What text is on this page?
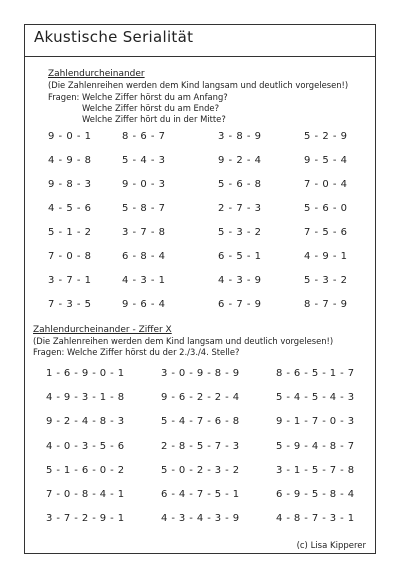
Akustische Serialität
Zahlendurcheinander
(Die Zahlenreihen werden dem Kind langsam und deutlich vorgelesen!)
Fragen: Welche Ziffer hörst du am Anfang?
Welche Ziffer hörst du am Ende?
Welche Ziffer hört du in der Mitte?
9 - 0 - 1	8 - 6 - 7	3 - 8 - 9	5 - 2 - 9
4 - 9 - 8	5 - 4 - 3	9 - 2 - 4	9 - 5 - 4
9 - 8 - 3	9 - 0 - 3	5 - 6 - 8	7 - 0 - 4
4 - 5 - 6	5 - 8 - 7	2 - 7 - 3	5 - 6 - 0
5 - 1 - 2	3 - 7 - 8	5 - 3 - 2	7 - 5 - 6
7 - 0 - 8	6 - 8 - 4	6 - 5 - 1	4 - 9 - 1
3 - 7 - 1	4 - 3 - 1	4 - 3 - 9	5 - 3 - 2
7 - 3 - 5	9 - 6 - 4	6 - 7 - 9	8 - 7 - 9
Zahlendurcheinander - Ziffer X
(Die Zahlenreihen werden dem Kind langsam und deutlich vorgelesen!)
Fragen: Welche Ziffer hörst du der 2./3./4. Stelle?
1 - 6 - 9 - 0 - 1	3 - 0 - 9 - 8 - 9	8 - 6 - 5 - 1 - 7
4 - 9 - 3 - 1 - 8	9 - 6 - 2 - 2 - 4	5 - 4 - 5 - 4 - 3
9 - 2 - 4 - 8 - 3	5 - 4 - 7 - 6 - 8	9 - 1 - 7 - 0 - 3
4 - 0 - 3 - 5 - 6	2 - 8 - 5 - 7 - 3	5 - 9 - 4 - 8 - 7
5 - 1 - 6 - 0 - 2	5 - 0 - 2 - 3 - 2	3 - 1 - 5 - 7 - 8
7 - 0 - 8 - 4 - 1	6 - 4 - 7 - 5 - 1	6 - 9 - 5 - 8 - 4
3 - 7 - 2 - 9 - 1	4 - 3 - 4 - 3 - 9	4 - 8 - 7 - 3 - 1
(c) Lisa Kipperer
